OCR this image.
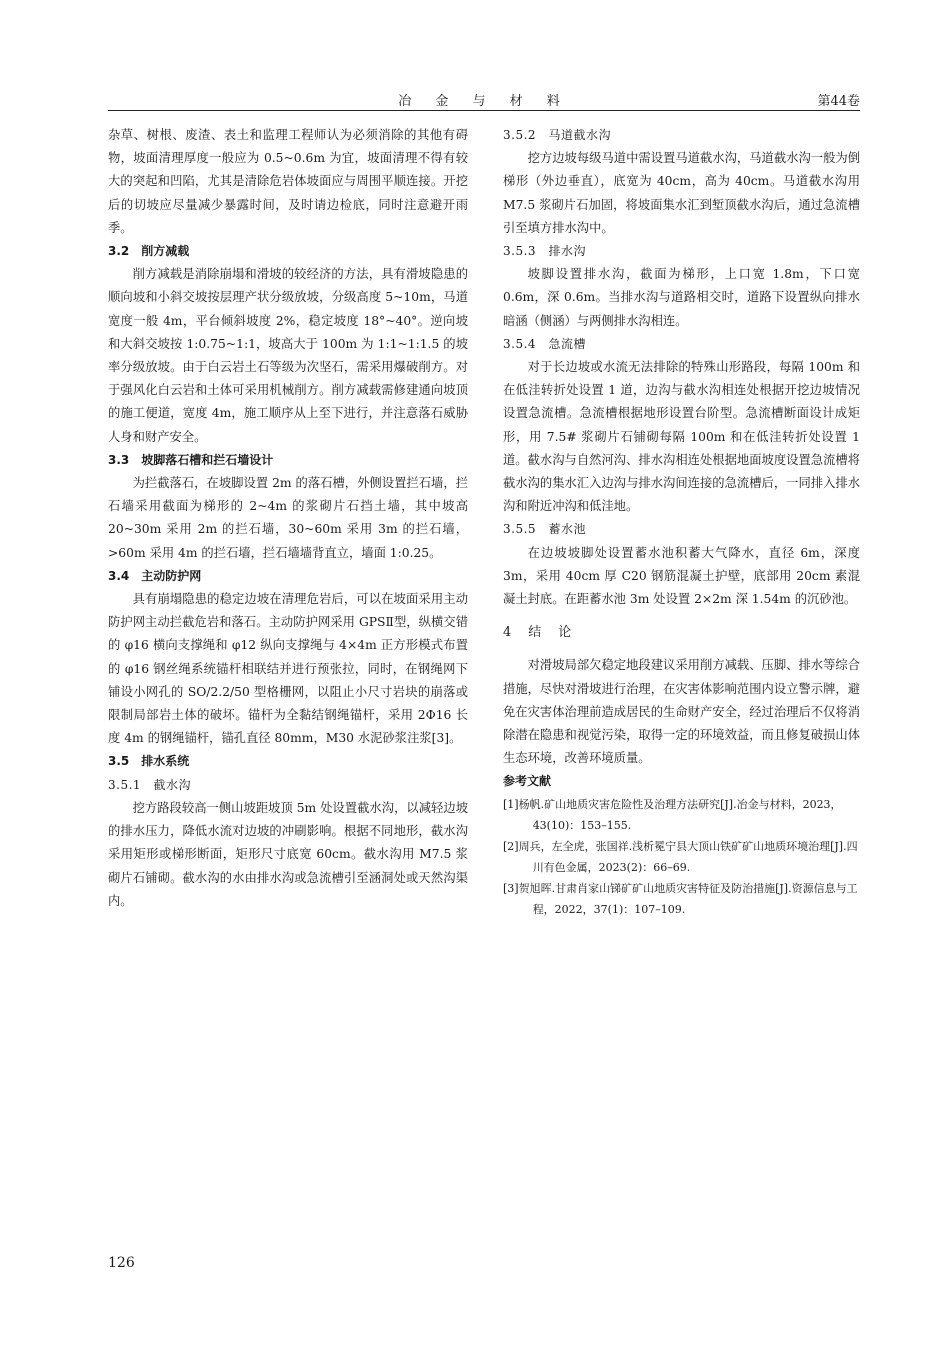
冶 金 与 材 料	第44卷

杂草、树根、废渣、表土和监理工程师认为必须消除的其他有碍物，坡面清理厚度一般应为 0.5~0.6m 为宜，坡面清理不得有较大的突起和凹陷，尤其是清除危岩体坡面应与周围平顺连接。开挖后的切坡应尽量减少暴露时间，及时请边检底，同时注意避开雨季。

3.2　削方减载

削方减载是消除崩塌和滑坡的较经济的方法，具有滑坡隐患的顺向坡和小斜交坡按层理产状分级放坡，分级高度 5~10m，马道宽度一般 4m，平台倾斜坡度 2%，稳定坡度 18°~40°。逆向坡和大斜交坡按 1:0.75~1:1，坡高大于 100m 为 1:1~1:1.5 的坡率分级放坡。由于白云岩土石等级为次坚石，需采用爆破削方。对于强风化白云岩和土体可采用机械削方。削方减载需修建通向坡顶的施工便道，宽度 4m，施工顺序从上至下进行，并注意落石威胁人身和财产安全。

3.3　坡脚落石槽和拦石墙设计

为拦截落石，在坡脚设置 2m 的落石槽，外侧设置拦石墙，拦石墙采用截面为梯形的 2~4m 的浆砌片石挡土墙，其中坡高 20~30m 采用 2m 的拦石墙，30~60m 采用 3m 的拦石墙，>60m 采用 4m 的拦石墙，拦石墙墙背直立，墙面 1:0.25。

3.4　主动防护网

具有崩塌隐患的稳定边坡在清理危岩后，可以在坡面采用主动防护网主动拦截危岩和落石。主动防护网采用 GPSⅡ型，纵横交错的 φ16 横向支撑绳和 φ12 纵向支撑绳与 4×4m 正方形模式布置的 φ16 钢丝绳系统锚杆相联结并进行预张拉，同时，在钢绳网下铺设小网孔的 SO/2.2/50 型格栅网，以阻止小尺寸岩块的崩落或限制局部岩土体的破坏。锚杆为全黏结钢绳锚杆，采用 2Φ16 长度 4m 的钢绳锚杆，锚孔直径 80mm，M30 水泥砂浆注浆[3]。

3.5　排水系统
3.5.1　截水沟

挖方路段较高一侧山坡距坡顶 5m 处设置截水沟，以减轻边坡的排水压力，降低水流对边坡的冲刷影响。根据不同地形，截水沟采用矩形或梯形断面，矩形尺寸底宽 60cm。截水沟用 M7.5 浆砌片石铺砌。截水沟的水由排水沟或急流槽引至涵洞处或天然沟渠内。

3.5.2　马道截水沟

挖方边坡每级马道中需设置马道截水沟，马道截水沟一般为倒梯形（外边垂直），底宽为 40cm，高为 40cm。马道截水沟用 M7.5 浆砌片石加固，将坡面集水汇到堑顶截水沟后，通过急流槽引至填方排水沟中。

3.5.3　排水沟

坡脚设置排水沟，截面为梯形，上口宽 1.8m，下口宽 0.6m，深 0.6m。当排水沟与道路相交时，道路下设置纵向排水暗涵（侧涵）与两侧排水沟相连。

3.5.4　急流槽

对于长边坡或水流无法排除的特殊山形路段，每隔 100m 和在低洼转折处设置 1 道，边沟与截水沟相连处根据开挖边坡情况设置急流槽。急流槽根据地形设置台阶型。急流槽断面设计成矩形，用 7.5# 浆砌片石铺砌每隔 100m 和在低洼转折处设置 1 道。截水沟与自然河沟、排水沟相连处根据地面坡度设置急流槽将截水沟的集水汇入边沟与排水沟间连接的急流槽后，一同排入排水沟和附近冲沟和低洼地。

3.5.5　蓄水池

在边坡坡脚处设置蓄水池积蓄大气降水，直径 6m，深度 3m，采用 40cm 厚 C20 钢筋混凝土护壁，底部用 20cm 素混凝土封底。在距蓄水池 3m 处设置 2×2m 深 1.54m 的沉砂池。

4　结　论

对滑坡局部欠稳定地段建议采用削方减载、压脚、排水等综合措施，尽快对滑坡进行治理，在灾害体影响范围内设立警示牌，避免在灾害体治理前造成居民的生命财产安全，经过治理后不仅将消除潜在隐患和视觉污染，取得一定的环境效益，而且修复破损山体生态环境，改善环境质量。

参考文献

[1]杨帆.矿山地质灾害危险性及治理方法研究[J].冶金与材料，2023，43(10)：153–155.

[2]周兵，左全虎，张国祥.浅析冕宁县大顶山铁矿矿山地质环境治理[J].四川有色金属，2023(2)：66–69.

[3]贺旭晖.甘肃肖家山锑矿矿山地质灾害特征及防治措施[J].资源信息与工程，2022，37(1)：107–109.

126
